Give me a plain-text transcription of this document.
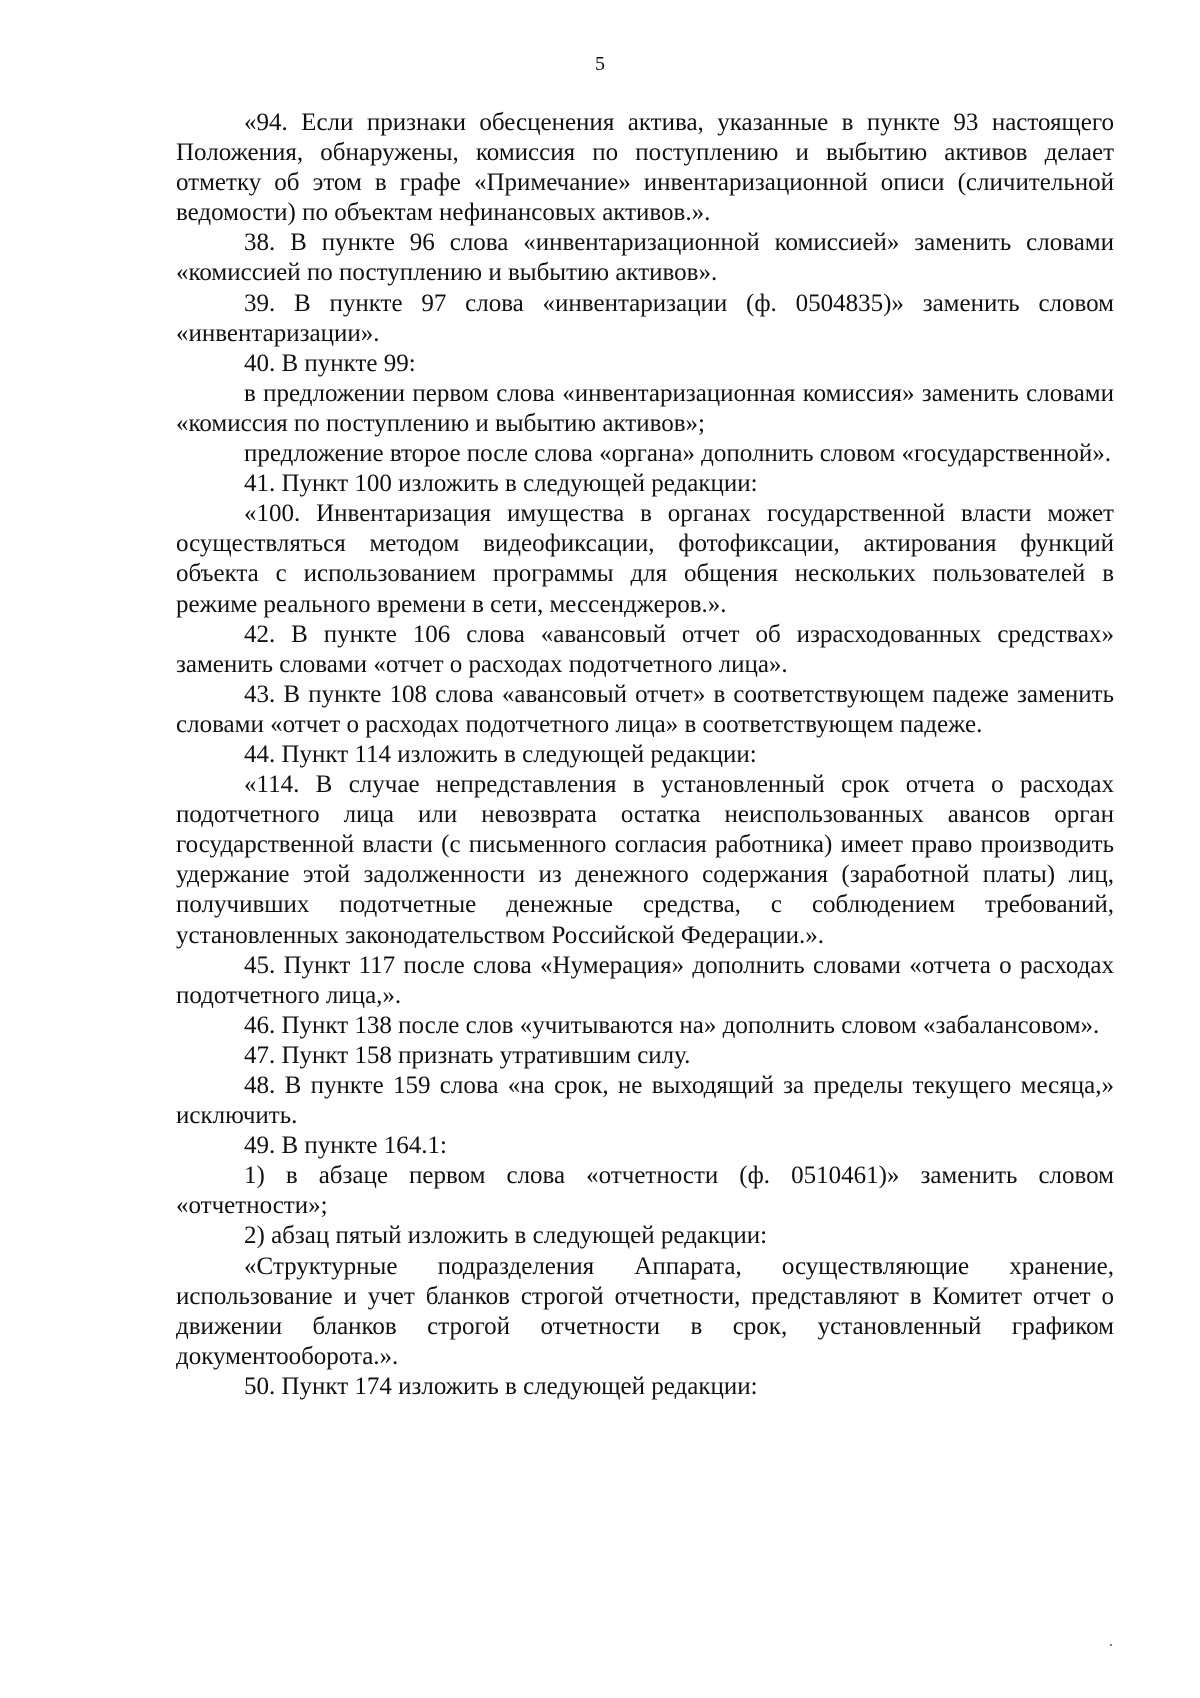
5

«94. Если признаки обесценения актива, указанные в пункте 93 настоящего Положения, обнаружены, комиссия по поступлению и выбытию активов делает отметку об этом в графе «Примечание» инвентаризационной описи (сличительной ведомости) по объектам нефинансовых активов.».

38. В пункте 96 слова «инвентаризационной комиссией» заменить словами «комиссией по поступлению и выбытию активов».

39. В пункте 97 слова «инвентаризации (ф. 0504835)» заменить словом «инвентаризации».

40. В пункте 99:

в предложении первом слова «инвентаризационная комиссия» заменить словами «комиссия по поступлению и выбытию активов»;

предложение второе после слова «органа» дополнить словом «государственной».

41. Пункт 100 изложить в следующей редакции:

«100. Инвентаризация имущества в органах государственной власти может осуществляться методом видеофиксации, фотофиксации, актирования функций объекта с использованием программы для общения нескольких пользователей в режиме реального времени в сети, мессенджеров.».

42. В пункте 106 слова «авансовый отчет об израсходованных средствах» заменить словами «отчет о расходах подотчетного лица».

43. В пункте 108 слова «авансовый отчет» в соответствующем падеже заменить словами «отчет о расходах подотчетного лица» в соответствующем падеже.

44. Пункт 114 изложить в следующей редакции:

«114. В случае непредставления в установленный срок отчета о расходах подотчетного лица или невозврата остатка неиспользованных авансов орган государственной власти (с письменного согласия работника) имеет право производить удержание этой задолженности из денежного содержания (заработной платы) лиц, получивших подотчетные денежные средства, с соблюдением требований, установленных законодательством Российской Федерации.».

45. Пункт 117 после слова «Нумерация» дополнить словами «отчета о расходах подотчетного лица,».

46. Пункт 138 после слов «учитываются на» дополнить словом «забалансовом».

47. Пункт 158 признать утратившим силу.

48. В пункте 159 слова «на срок, не выходящий за пределы текущего месяца,» исключить.

49. В пункте 164.1:

1) в абзаце первом слова «отчетности (ф. 0510461)» заменить словом «отчетности»;

2) абзац пятый изложить в следующей редакции:

«Структурные подразделения Аппарата, осуществляющие хранение, использование и учет бланков строгой отчетности, представляют в Комитет отчет о движении бланков строгой отчетности в срок, установленный графиком документооборота.».

50. Пункт 174 изложить в следующей редакции:
